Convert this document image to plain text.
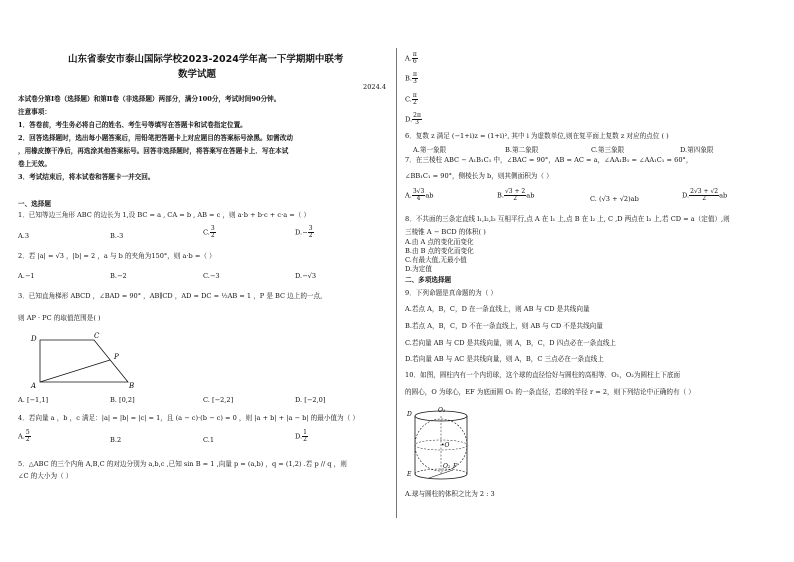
山东省泰安市泰山国际学校2023-2024学年高一下学期期中联考
数学试题
2024.4
本试卷分第Ⅰ卷（选择题）和第Ⅱ卷（非选择题）两部分，满分100分，考试时间90分钟。
注意事项：
1．答卷前，考生务必将自己的姓名、考生号等填写在答题卡和试卷指定位置。
2．回答选择题时，选出每小题答案后，用铅笔把答题卡上对应题目的答案标号涂黑。如需改动
，用橡皮擦干净后，再选涂其他答案标号。回答非选择题时，将答案写在答题卡上．写在本试
卷上无效。
3．考试结束后，将本试卷和答题卡一并交回。
一、选择题
1．已知等边三角形 ABC 的边长为 1,设 BC = a , CA = b , AB = c ，则 a·b + b·c + c·a =（ ）
A.3	B.-3	C. $\frac{3}{2}$	$D.- \frac{3}{2}$
2．若 |a| = √3 ，|b| = 2 ，a 与 b 的夹角为150°，则 a·b =（ ）
A.−1	B.−2	C.−3	D.−√3
3．已知直角梯形 ABCD ，∠BAD = 90° ，AB∥CD ，AD = DC = ½AB = 1 ，P 是 BC 边上的一点,
则 AP · PC 的取值范围是( )
D	C
P
A	B
A. [−1,1]	B. [0,2]	C. [−2,2]	D. [−2,0]
4．若向量 a ，b ，c 满足：|a| = |b| = |c| = 1，且 (a − c)·(b − c) = 0 ，则 |a + b| + |a − b| 的最小值为（ ）
A. $\frac{5}{2}$	B.2	C.1	D. $\frac{1}{2}$
5．△ABC 的三个内角 A,B,C 的对边分别为 a,b,c ,已知 sin B = 1 ,向量 p = (a,b) ，q = (1,2) .若 p // q ，则
∠C 的大小为（ ）
A. $\frac{\pi}{6}$
B. $\frac{\pi}{3}$
C. $\frac{\pi}{2}$
D. $\frac{2\pi}{3}$
6．复数 z 满足 (−1+i)z = (1+i)², 其中 i 为虚数单位,则在复平面上复数 z 对应的点位 ( )
A.第一象限	B.第二象限	C.第三象限	D.第四象限
7．在三棱柱 ABC − A₁B₁C₁ 中，∠BAC = 90°，AB = AC = a，∠AA₁B₁ = ∠AA₁C₁ = 60°，
∠BB₁C₁ = 90°，侧棱长为 b，则其侧面积为（ ）
A. $\frac{3√3}{4}$ ab	B. $\frac{√3 + 2}{2}$ ab	C. (√3 + √2)ab	D. $\frac{2√3 + √2}{2}$ ab
8．不共面的三条定直线 l₁,l₂,l₃ 互相平行,点 A 在 l₁ 上,点 B 在 l₂ 上, C ,D 两点在 l₃ 上,若 CD = a（定值）,则
三棱锥 A − BCD 的体积( )
A.由 A 点的变化而变化
B.由 B 点的变化而变化
C.有最大值,无最小值
D.为定值
二、多项选择题
9．下列命题是真命题的为（ ）
A.若点 A，B，C，D 在一条直线上，则 AB 与 CD 是共线向量
B.若点 A，B，C，D 不在一条直线上，则 AB 与 CD 不是共线向量
C.若向量 AB 与 CD 是共线向量，则 A，B，C，D 四点必在一条直线上
D.若向量 AB 与 AC 是共线向量，则 A，B，C 三点必在一条直线上
10．如图，圆柱内有一个内切球，这个球的直径恰好与圆柱的高相等．O₁，O₂为圆柱上下底面
的圆心，O 为球心，EF 为底面圆 O₁ 的一条直径，若球的半径 r = 2，则下列结论中正确的有（ ）
D
O₁
•O
O₂
E
F
A.球与圆柱的体积之比为 2 : 3
